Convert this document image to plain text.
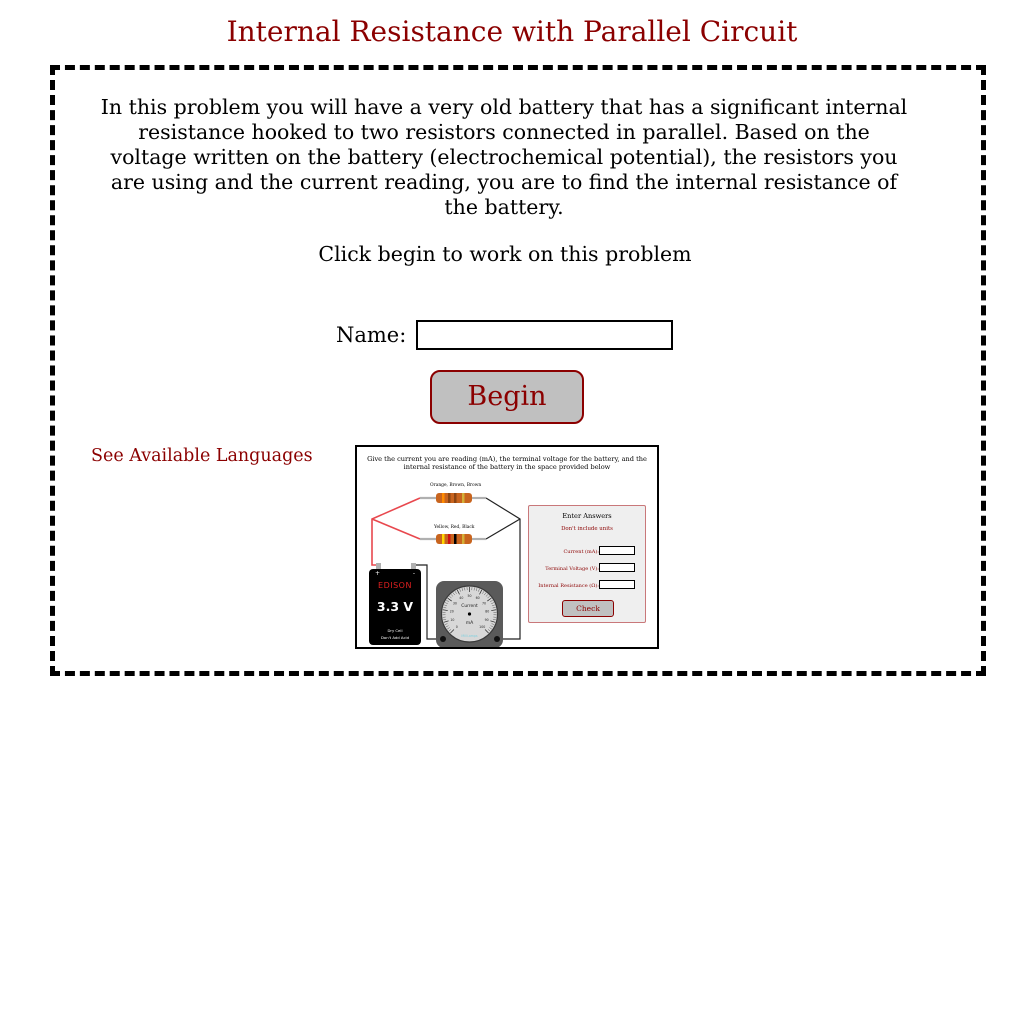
Internal Resistance with Parallel Circuit
In this problem you will have a very old battery that has a significant internal resistance hooked to two resistors connected in parallel. Based on the voltage written on the battery (electrochemical potential), the resistors you are using and the current reading, you are to find the internal resistance of the battery.
Click begin to work on this problem
Name:
Begin
See Available Languages	Give the current you are reading (mA), the terminal voltage for the battery, and the internal resistance of the battery in the space provided below
Orange, Brown, Brown
Yellow, Red, Black
0
10
20
30
40 50 60
70
80
90
100
Current
mA
Milli-amps
+	-
EDISON
3.3 V
Dry Cell
Don't Add Acid
Enter Answers
Don't include units
Current (mA):
Terminal Voltage (V):
Internal Resistance (Ω):
Check
